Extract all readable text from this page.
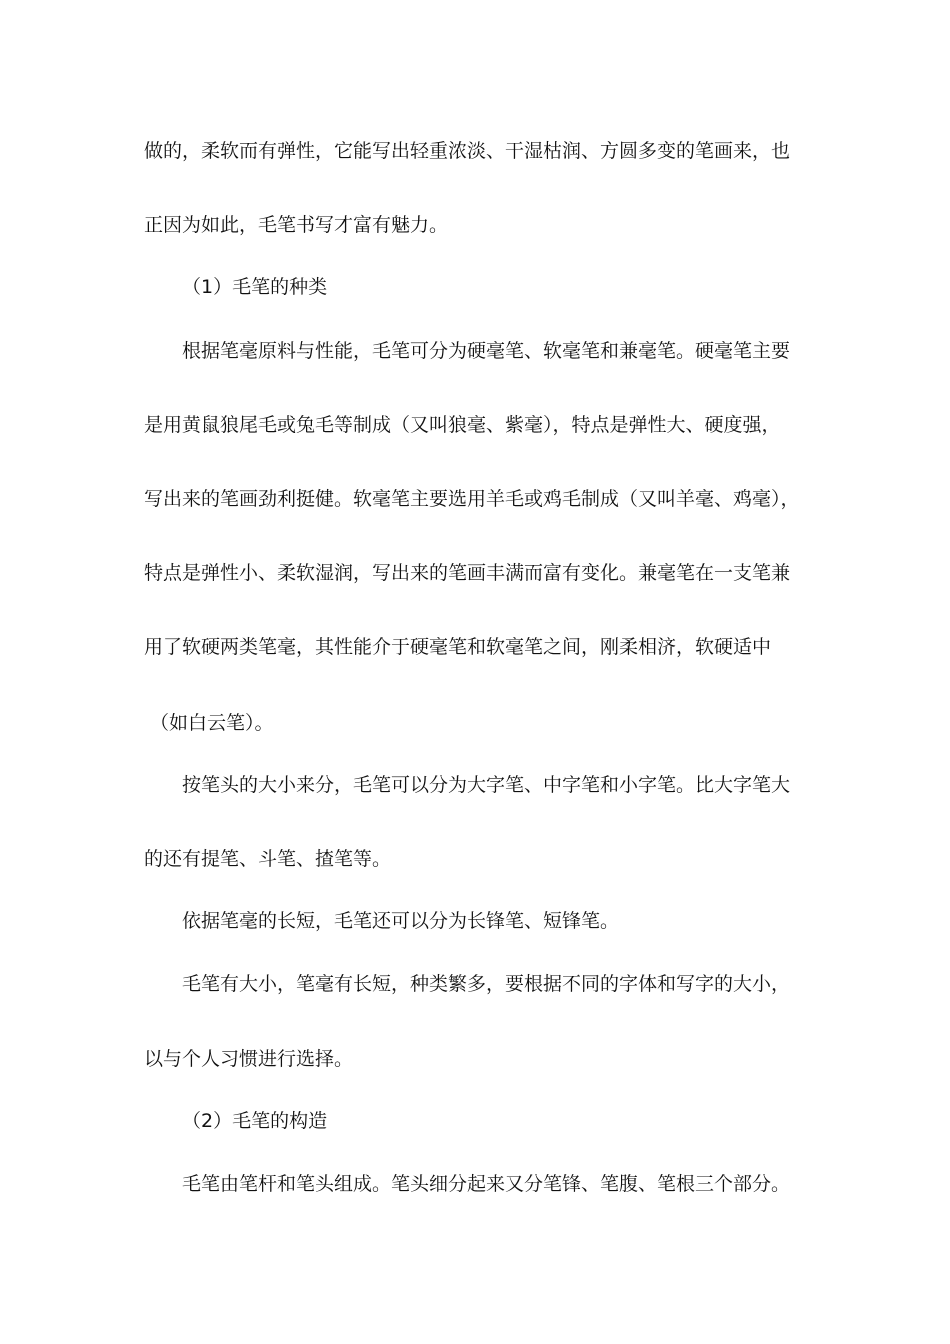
做的，柔软而有弹性，它能写出轻重浓淡、干湿枯润、方圆多变的笔画来，也
正因为如此，毛笔书写才富有魅力。
（1）毛笔的种类
根据笔毫原料与性能，毛笔可分为硬毫笔、软毫笔和兼毫笔。硬毫笔主要
是用黄鼠狼尾毛或兔毛等制成（又叫狼毫、紫毫），特点是弹性大、硬度强，
写出来的笔画劲利挺健。软毫笔主要选用羊毛或鸡毛制成（又叫羊毫、鸡毫），
特点是弹性小、柔软湿润，写出来的笔画丰满而富有变化。兼毫笔在一支笔兼
用了软硬两类笔毫，其性能介于硬毫笔和软毫笔之间，刚柔相济，软硬适中
（如白云笔）。
按笔头的大小来分，毛笔可以分为大字笔、中字笔和小字笔。比大字笔大
的还有提笔、斗笔、揸笔等。
依据笔毫的长短，毛笔还可以分为长锋笔、短锋笔。
毛笔有大小，笔毫有长短，种类繁多，要根据不同的字体和写字的大小，
以与个人习惯进行选择。
（2）毛笔的构造
毛笔由笔杆和笔头组成。笔头细分起来又分笔锋、笔腹、笔根三个部分。
